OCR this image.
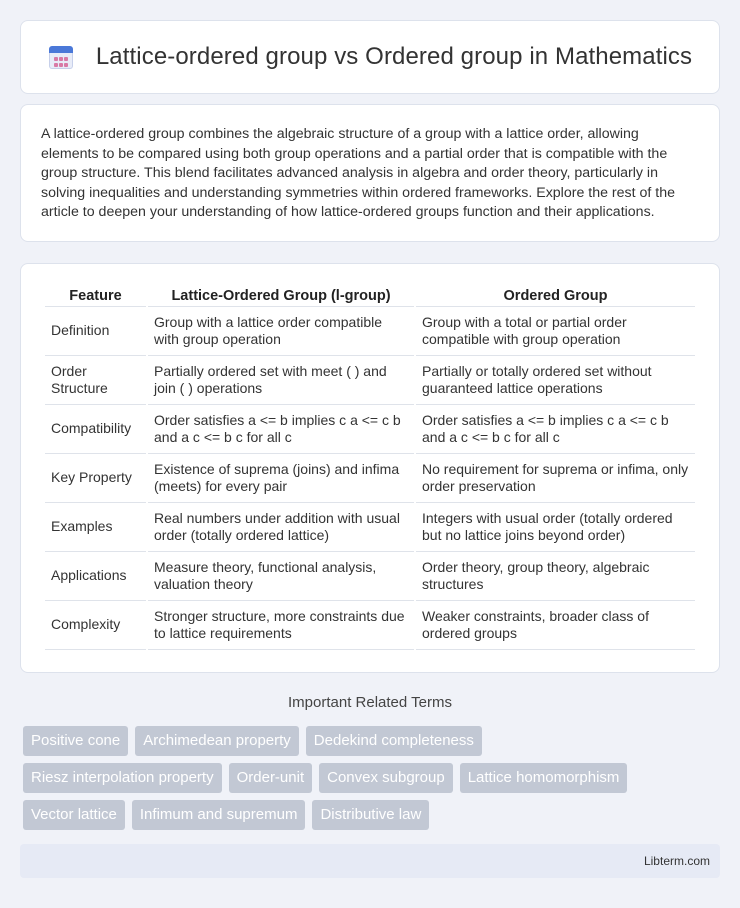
Lattice-ordered group vs Ordered group in Mathematics

A lattice-ordered group combines the algebraic structure of a group with a lattice order, allowing elements to be compared using both group operations and a partial order that is compatible with the group structure. This blend facilitates advanced analysis in algebra and order theory, particularly in solving inequalities and understanding symmetries within ordered frameworks. Explore the rest of the article to deepen your understanding of how lattice-ordered groups function and their applications.

Feature	Lattice-Ordered Group (l-group)	Ordered Group
Definition	Group with a lattice order compatible with group operation	Group with a total or partial order compatible with group operation
Order Structure	Partially ordered set with meet ( ) and join ( ) operations	Partially or totally ordered set without guaranteed lattice operations
Compatibility	Order satisfies a <= b implies c a <= c b and a c <= b c for all c	Order satisfies a <= b implies c a <= c b and a c <= b c for all c
Key Property	Existence of suprema (joins) and infima (meets) for every pair	No requirement for suprema or infima, only order preservation
Examples	Real numbers under addition with usual order (totally ordered lattice)	Integers with usual order (totally ordered but no lattice joins beyond order)
Applications	Measure theory, functional analysis, valuation theory	Order theory, group theory, algebraic structures
Complexity	Stronger structure, more constraints due to lattice requirements	Weaker constraints, broader class of ordered groups
Important Related Terms
Positive cone	Archimedean property	Dedekind completeness
Riesz interpolation property	Order-unit	Convex subgroup	Lattice homomorphism
Vector lattice	Infimum and supremum	Distributive law
Libterm.com
